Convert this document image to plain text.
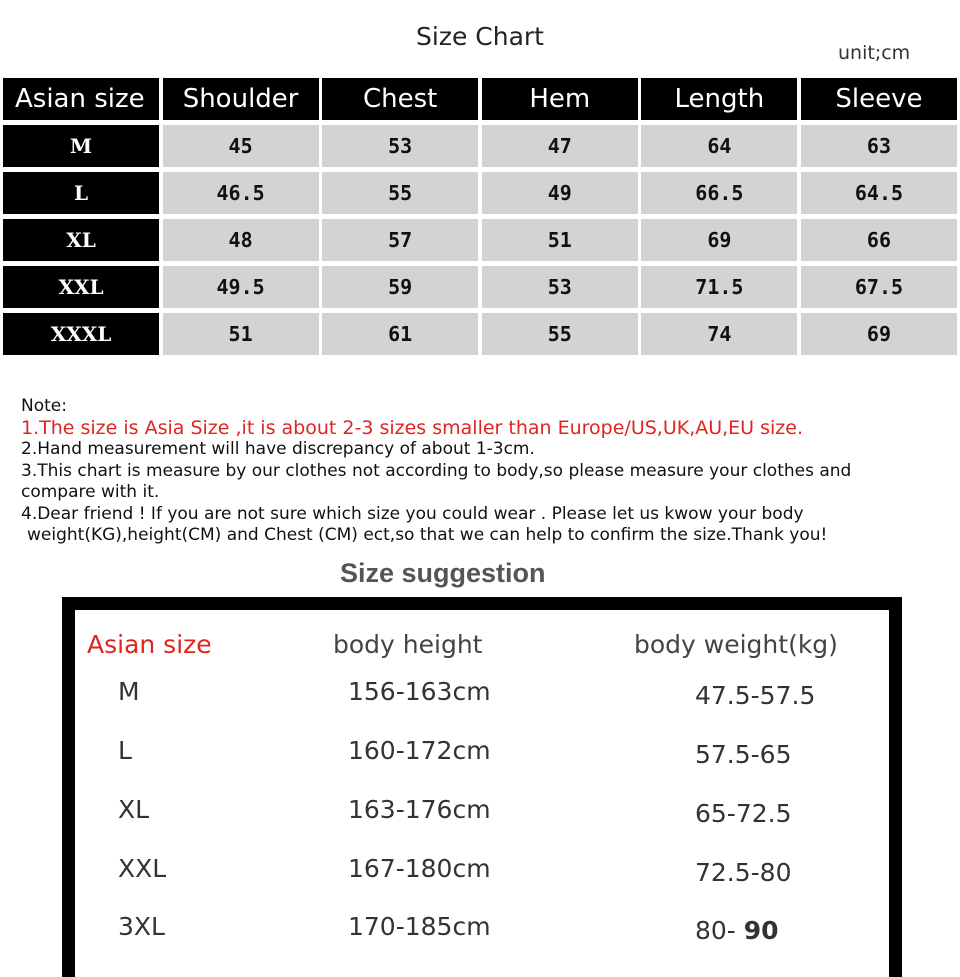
Size Chart
unit;cm
Asian size	Shoulder	Chest	Hem	Length	Sleeve
M	45	53	47	64	63
L	46.5	55	49	66.5	64.5
XL	48	57	51	69	66
XXL	49.5	59	53	71.5	67.5
XXXL	51	61	55	74	69
Note:
1.The size is Asia Size ,it is about 2-3 sizes smaller than Europe/US,UK,AU,EU size.
2.Hand measurement will have discrepancy of about 1-3cm.
3.This chart is measure by our clothes not according to body,so please measure your clothes and
compare with it.
4.Dear friend ! If you are not sure which size you could wear . Please let us kwow your body
weight(KG),height(CM) and Chest (CM) ect,so that we can help to confirm the size.Thank you!
Size suggestion
Asian size	body height	body weight(kg)
M	156-163cm	47.5-57.5
L	160-172cm	57.5-65
XL	163-176cm	65-72.5
XXL	167-180cm	72.5-80
3XL	170-185cm	80- 90
